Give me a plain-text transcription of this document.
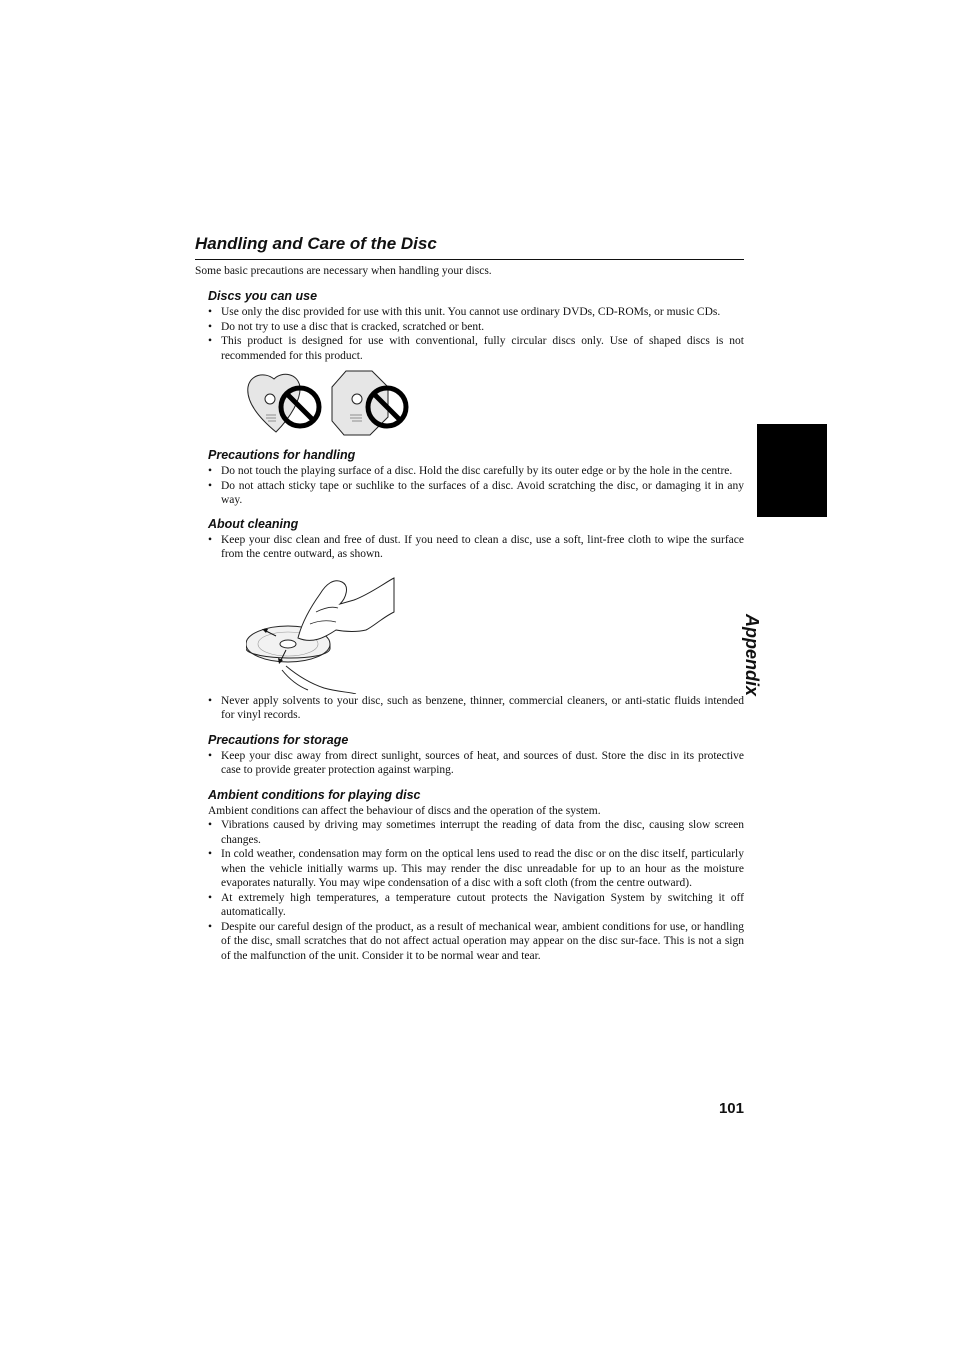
Handling and Care of the Disc

Some basic precautions are necessary when handling your discs.

Discs you can use
• Use only the disc provided for use with this unit. You cannot use ordinary DVDs, CD-ROMs, or music CDs.
• Do not try to use a disc that is cracked, scratched or bent.
• This product is designed for use with conventional, fully circular discs only. Use of shaped discs is not recommended for this product.
Precautions for handling
• Do not touch the playing surface of a disc. Hold the disc carefully by its outer edge or by the hole in the centre.
• Do not attach sticky tape or suchlike to the surfaces of a disc. Avoid scratching the disc, or damaging it in any way.
About cleaning
• Keep your disc clean and free of dust. If you need to clean a disc, use a soft, lint-free cloth to wipe the surface from the centre outward, as shown.
• Never apply solvents to your disc, such as benzene, thinner, commercial cleaners, or anti-static fluids intended for vinyl records.
Precautions for storage
• Keep your disc away from direct sunlight, sources of heat, and sources of dust. Store the disc in its protective case to provide greater protection against warping.
Ambient conditions for playing disc

Ambient conditions can affect the behaviour of discs and the operation of the system.

• Vibrations caused by driving may sometimes interrupt the reading of data from the disc, causing slow screen changes.
• In cold weather, condensation may form on the optical lens used to read the disc or on the disc itself, particularly when the vehicle initially warms up. This may render the disc unreadable for up to an hour as the moisture evaporates naturally. You may wipe condensation of a disc with a soft cloth (from the centre outward).
• At extremely high temperatures, a temperature cutout protects the Navigation System by switching it off automatically.
• Despite our careful design of the product, as a result of mechanical wear, ambient conditions for use, or handling of the disc, small scratches that do not affect actual operation may appear on the disc sur-face. This is not a sign of the malfunction of the unit. Consider it to be normal wear and tear.
Appendix
101
